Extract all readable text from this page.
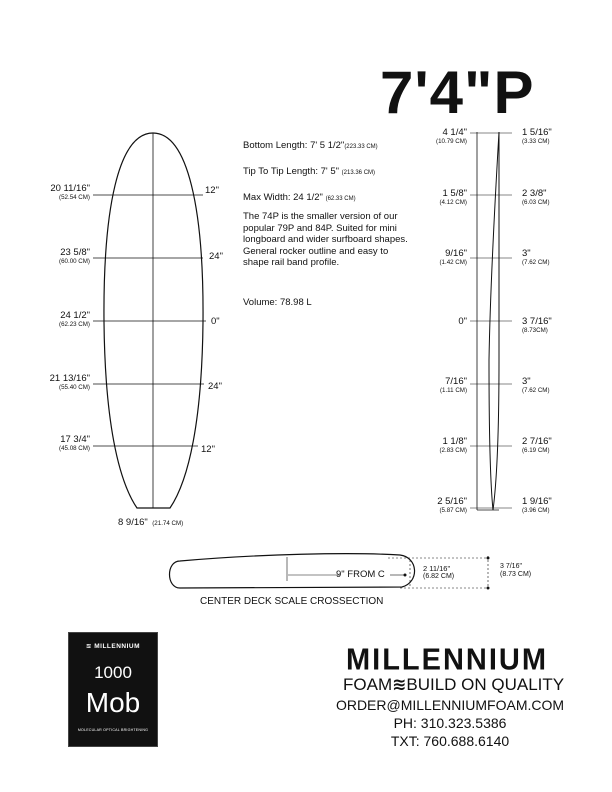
7'4"P
Bottom Length: 7' 5 1/2"(223.33 CM)
Tip To Tip Length: 7' 5" (213.36 CM)
Max Width: 24 1/2" (62.33 CM)
The 74P is the smaller version of our popular 79P and 84P. Suited for mini longboard and wider surfboard shapes. General rocker outline and easy to shape rail band profile.
Volume: 78.98 L
20 11/16"
(52.54 CM)
23 5/8"
(60.00 CM)
24 1/2"
(62.23 CM)
21 13/16"
(55.40 CM)
17 3/4"
(45.08 CM)
12"
24"
0"
24"
12"
8 9/16" (21.74 CM)
4 1/4"
(10.79 CM)
1 5/8"
(4.12 CM)
9/16"
(1.42 CM)
0"
7/16"
(1.11 CM)
1 1/8"
(2.83 CM)
2 5/16"
(5.87 CM)
1 5/16"
(3.33 CM)
2 3/8"
(6.03 CM)
3"
(7.62 CM)
3 7/16"
(8.73CM)
3"
(7.62 CM)
2 7/16"
(6.19 CM)
1 9/16"
(3.96 CM)
9" FROM C
2 11/16"
(6.82 CM)
3 7/16"
(8.73 CM)
CENTER DECK SCALE CROSSECTION
≋ MILLENNIUM
1000
Mob
MOLECULAR OPTICAL BRIGHTENING
MILLENNIUM
FOAM≋BUILD ON QUALITY
ORDER@MILLENNIUMFOAM.COM
PH: 310.323.5386
TXT: 760.688.6140
